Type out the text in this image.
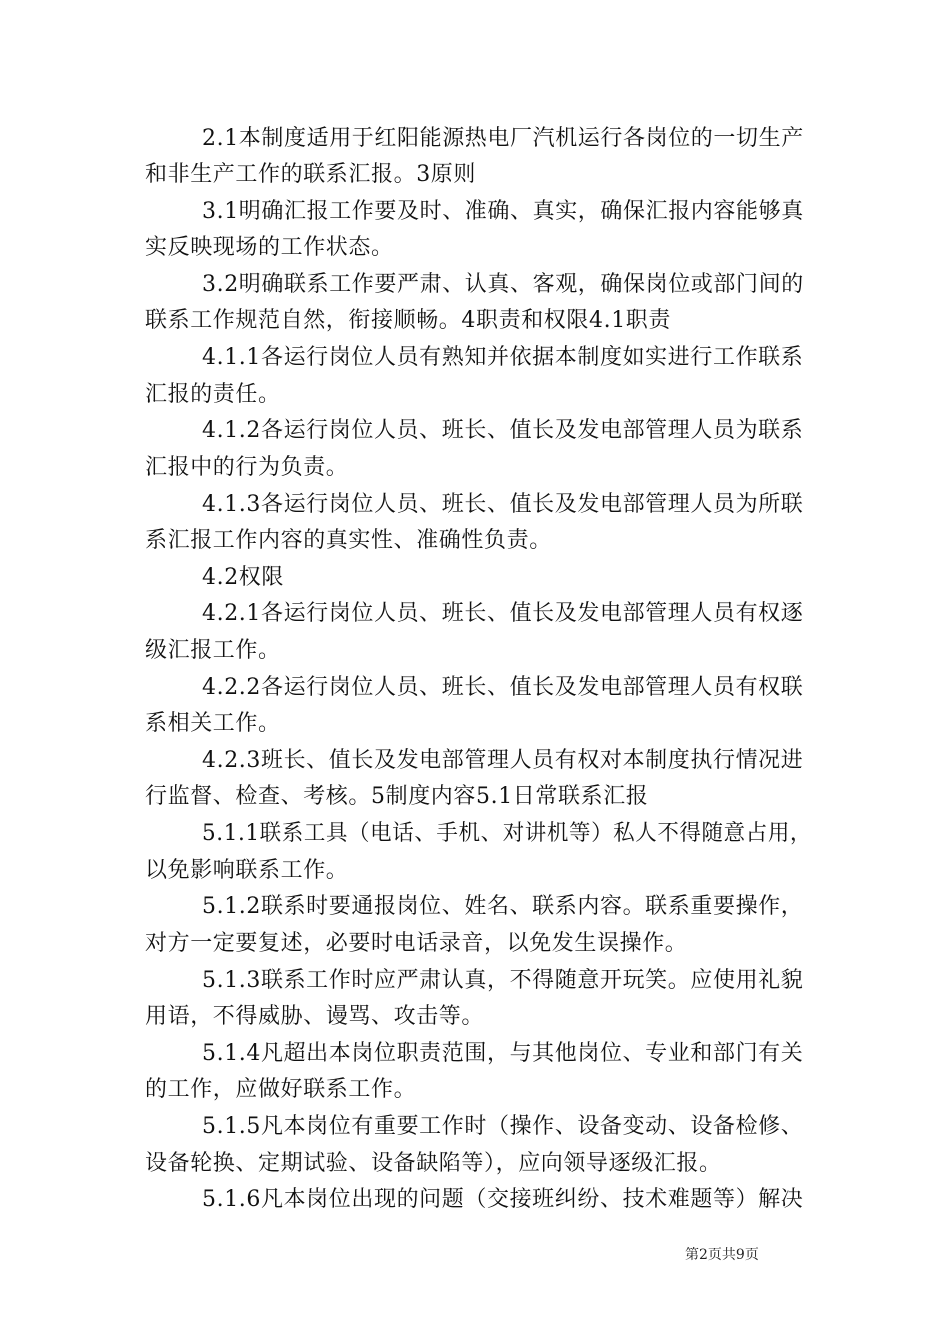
2.1本制度适用于红阳能源热电厂汽机运行各岗位的一切生产
和非生产工作的联系汇报。3原则
3.1明确汇报工作要及时、准确、真实，确保汇报内容能够真
实反映现场的工作状态。
3.2明确联系工作要严肃、认真、客观，确保岗位或部门间的
联系工作规范自然，衔接顺畅。4职责和权限4.1职责
4.1.1各运行岗位人员有熟知并依据本制度如实进行工作联系
汇报的责任。
4.1.2各运行岗位人员、班长、值长及发电部管理人员为联系
汇报中的行为负责。
4.1.3各运行岗位人员、班长、值长及发电部管理人员为所联
系汇报工作内容的真实性、准确性负责。
4.2权限
4.2.1各运行岗位人员、班长、值长及发电部管理人员有权逐
级汇报工作。
4.2.2各运行岗位人员、班长、值长及发电部管理人员有权联
系相关工作。
4.2.3班长、值长及发电部管理人员有权对本制度执行情况进
行监督、检查、考核。5制度内容5.1日常联系汇报
5.1.1联系工具（电话、手机、对讲机等）私人不得随意占用，
以免影响联系工作。
5.1.2联系时要通报岗位、姓名、联系内容。联系重要操作，
对方一定要复述，必要时电话录音，以免发生误操作。
5.1.3联系工作时应严肃认真，不得随意开玩笑。应使用礼貌
用语，不得威胁、谩骂、攻击等。
5.1.4凡超出本岗位职责范围，与其他岗位、专业和部门有关
的工作，应做好联系工作。
5.1.5凡本岗位有重要工作时（操作、设备变动、设备检修、
设备轮换、定期试验、设备缺陷等），应向领导逐级汇报。
5.1.6凡本岗位出现的问题（交接班纠纷、技术难题等）解决
第2页共9页
